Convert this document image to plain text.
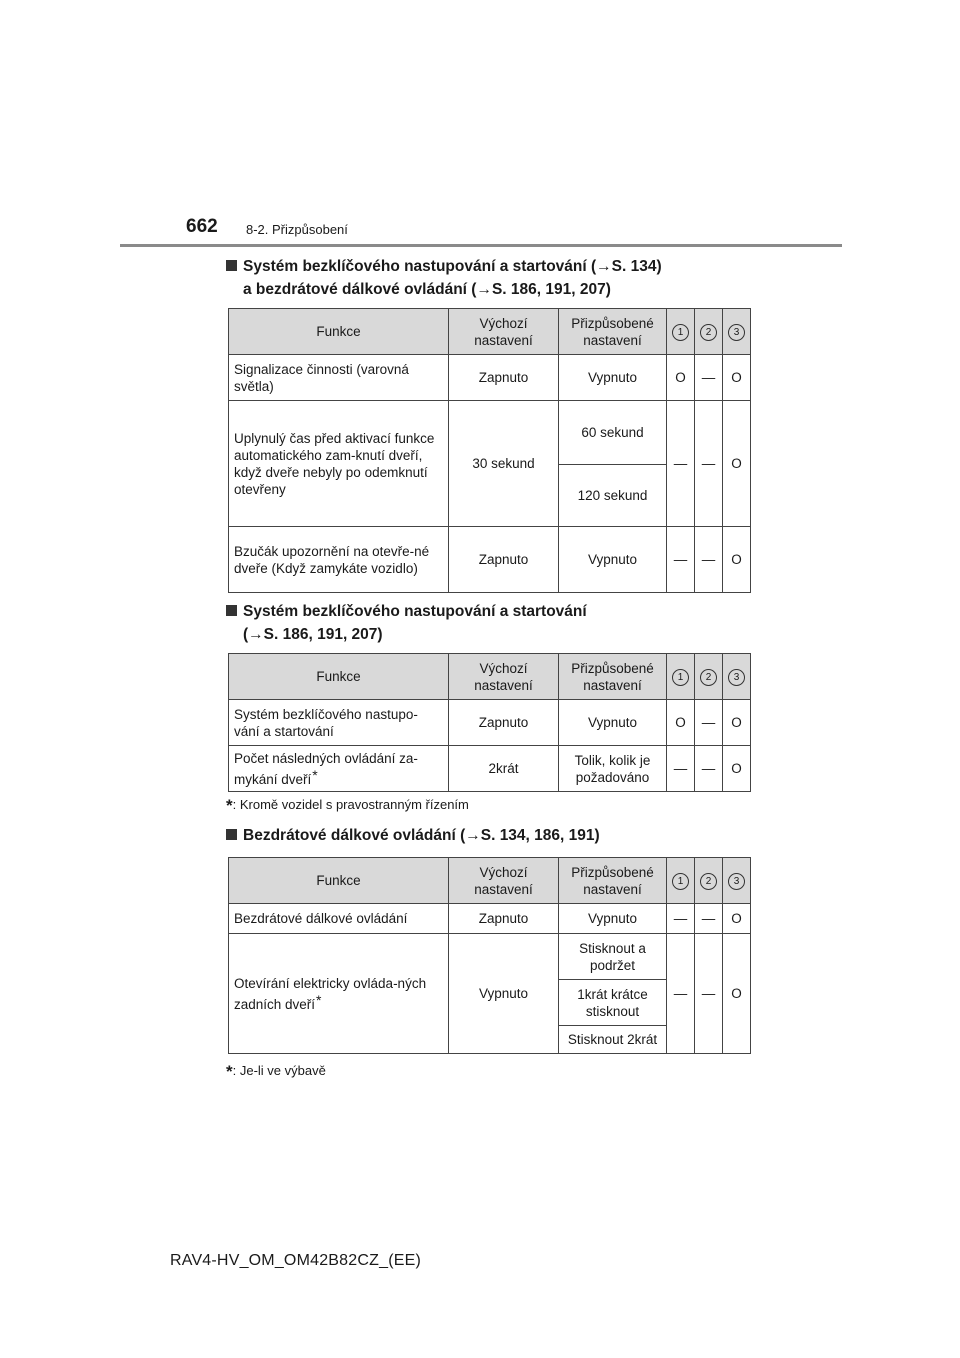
662 8-2. Přizpůsobení
Systém bezklíčového nastupování a startování (→S. 134)
a bezdrátové dálkové ovládání (→S. 186, 191, 207)
Funkce	Výchozí nastavení	Přizpůsobené nastavení	1	2	3
Signalizace činnosti (varovná světla)	Zapnuto	Vypnuto	O	—	O
Uplynulý čas před aktivací funkce automatického zam-knutí dveří, když dveře nebyly po odemknutí otevřeny	30 sekund	60 sekund	—	—	O
		120 sekund			
Bzučák upozornění na otevře-né dveře (Když zamykáte vozidlo)	Zapnuto	Vypnuto	—	—	O
Systém bezklíčového nastupování a startování
(→S. 186, 191, 207)
Funkce	Výchozí nastavení	Přizpůsobené nastavení	1	2	3
Systém bezklíčového nastupo-vání a startování	Zapnuto	Vypnuto	O	—	O
Počet následných ovládání za-mykání dveří*	2krát	Tolik, kolik je požadováno	—	—	O
*: Kromě vozidel s pravostranným řízením
Bezdrátové dálkové ovládání (→S. 134, 186, 191)
Funkce	Výchozí nastavení	Přizpůsobené nastavení	1	2	3
Bezdrátové dálkové ovládání	Zapnuto	Vypnuto	—	—	O
Otevírání elektricky ovláda-ných zadních dveří*	Vypnuto	Stisknout a podržet	—	—	O
		1krát krátce stisknout			
		Stisknout 2krát			
*: Je-li ve výbavě
RAV4-HV_OM_OM42B82CZ_(EE)
